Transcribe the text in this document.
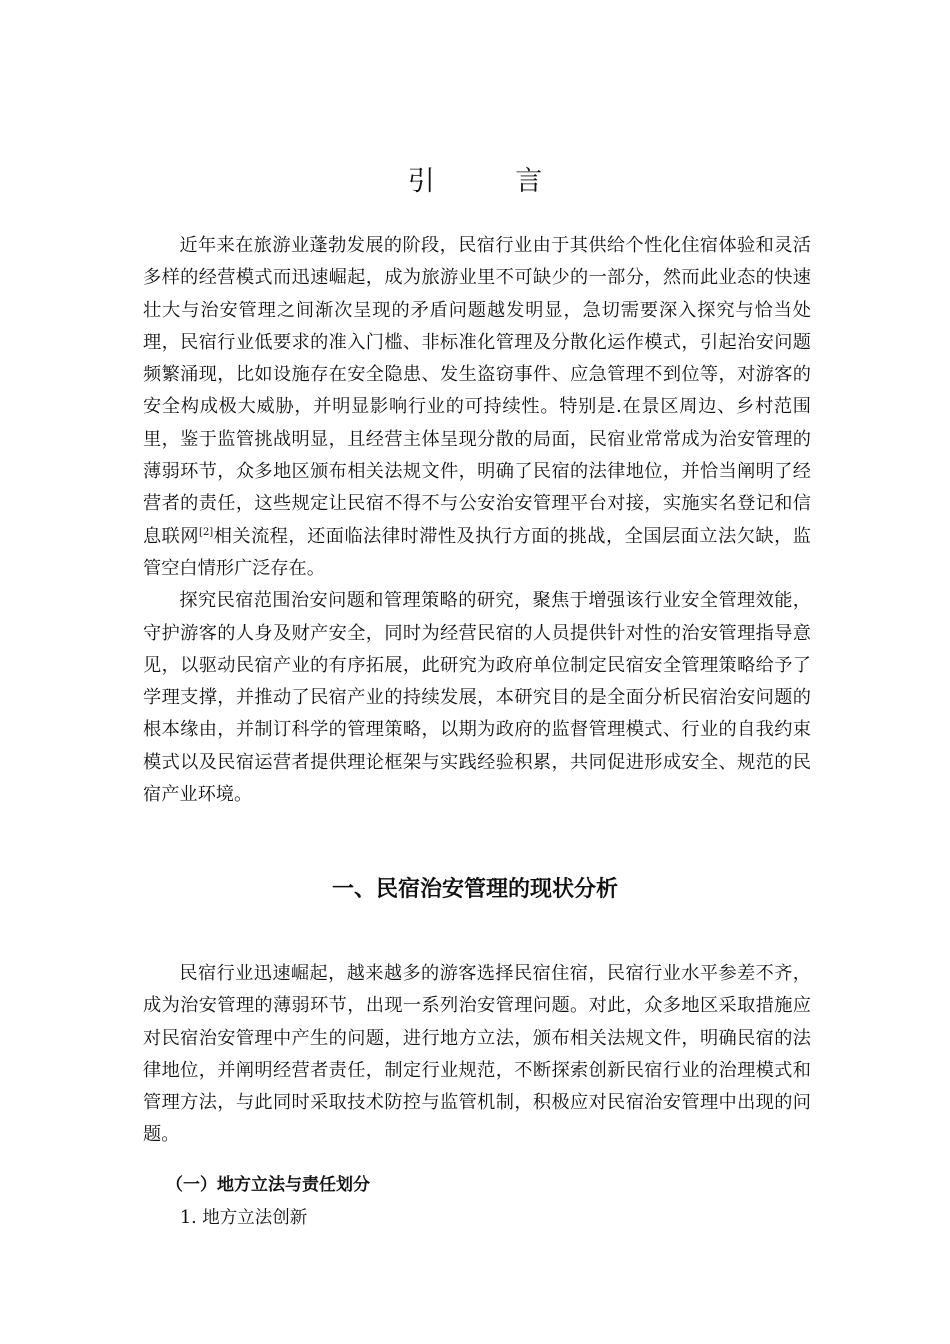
引 言

近年来在旅游业蓬勃发展的阶段，民宿行业由于其供给个性化住宿体验和灵活多样的经营模式而迅速崛起，成为旅游业里不可缺少的一部分，然而此业态的快速壮大与治安管理之间渐次呈现的矛盾问题越发明显，急切需要深入探究与恰当处理，民宿行业低要求的准入门槛、非标准化管理及分散化运作模式，引起治安问题频繁涌现，比如设施存在安全隐患、发生盗窃事件、应急管理不到位等，对游客的安全构成极大威胁，并明显影响行业的可持续性。特别是.在景区周边、乡村范围里，鉴于监管挑战明显，且经营主体呈现分散的局面，民宿业常常成为治安管理的薄弱环节，众多地区颁布相关法规文件，明确了民宿的法律地位，并恰当阐明了经营者的责任，这些规定让民宿不得不与公安治安管理平台对接，实施实名登记和信息联网[2]相关流程，还面临法律时滞性及执行方面的挑战，全国层面立法欠缺，监管空白情形广泛存在。

探究民宿范围治安问题和管理策略的研究，聚焦于增强该行业安全管理效能，守护游客的人身及财产安全，同时为经营民宿的人员提供针对性的治安管理指导意见，以驱动民宿产业的有序拓展，此研究为政府单位制定民宿安全管理策略给予了学理支撑，并推动了民宿产业的持续发展，本研究目的是全面分析民宿治安问题的根本缘由，并制订科学的管理策略，以期为政府的监督管理模式、行业的自我约束模式以及民宿运营者提供理论框架与实践经验积累，共同促进形成安全、规范的民宿产业环境。

一、民宿治安管理的现状分析

民宿行业迅速崛起，越来越多的游客选择民宿住宿，民宿行业水平参差不齐，成为治安管理的薄弱环节，出现一系列治安管理问题。对此，众多地区采取措施应对民宿治安管理中产生的问题，进行地方立法，颁布相关法规文件，明确民宿的法律地位，并阐明经营者责任，制定行业规范，不断探索创新民宿行业的治理模式和管理方法，与此同时采取技术防控与监管机制，积极应对民宿治安管理中出现的问题。

（一）地方立法与责任划分
1. 地方立法创新
